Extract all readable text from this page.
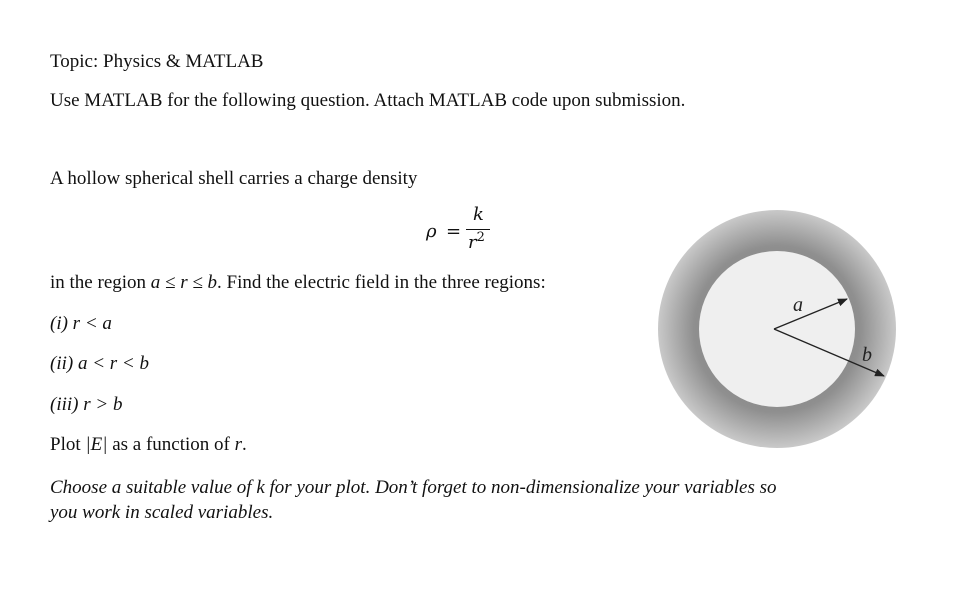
Topic: Physics & MATLAB
Use MATLAB for the following question. Attach MATLAB code upon submission.
A hollow spherical shell carries a charge density
ρ =
k
$r^2$
in the region a ≤ r ≤ b. Find the electric field in the three regions:
(i) r < a
(ii) a < r < b
(iii) r > b
Plot |E| as a function of r.
Choose a suitable value of k for your plot. Don’t forget to non-dimensionalize your variables so
you work in scaled variables.
a
b
